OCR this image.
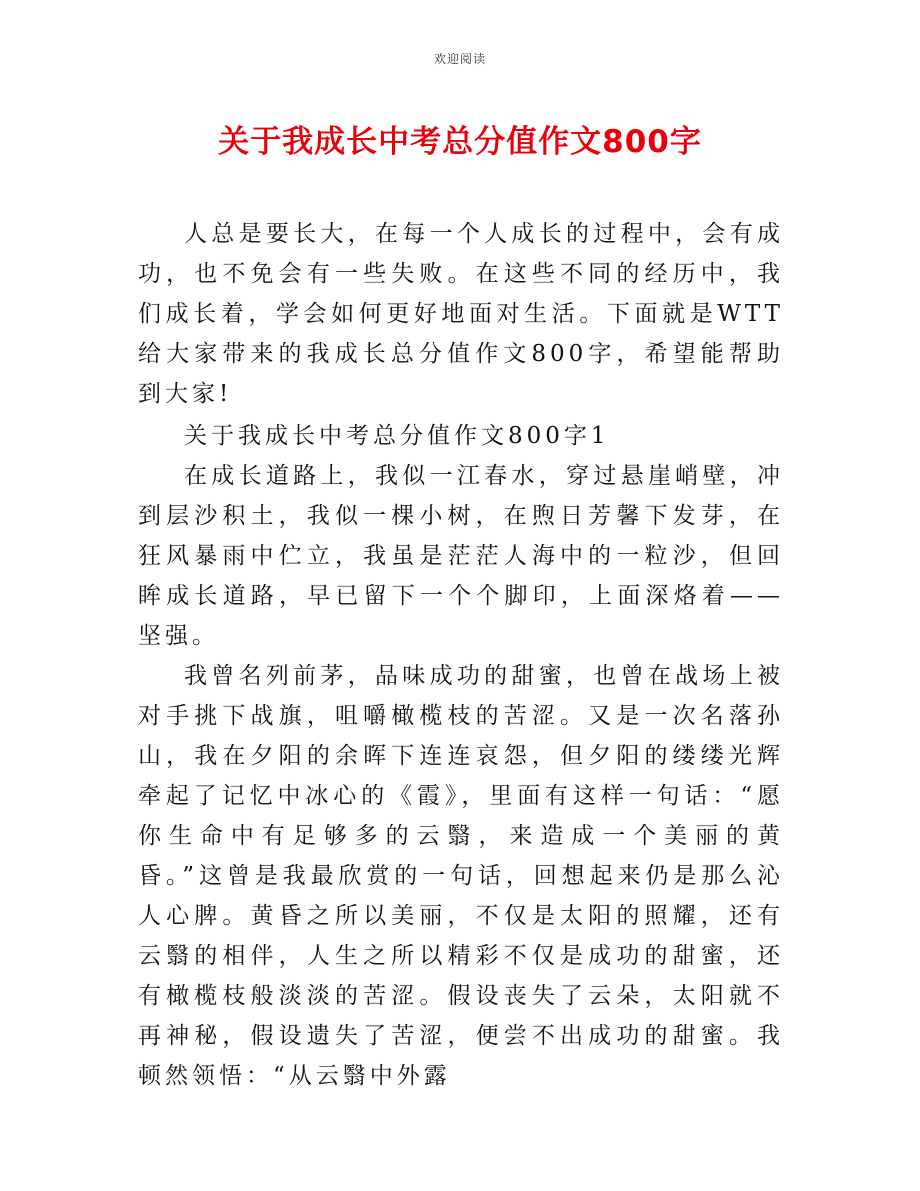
欢迎阅读
关于我成长中考总分值作文800字

人总是要长大，在每一个人成长的过程中，会有成功，也不免会有一些失败。在这些不同的经历中，我们成长着，学会如何更好地面对生活。下面就是WTT给大家带来的我成长总分值作文800字，希望能帮助到大家!

关于我成长中考总分值作文800字1

在成长道路上，我似一江春水，穿过悬崖峭壁，冲到层沙积土，我似一棵小树，在煦日芳馨下发芽，在狂风暴雨中伫立，我虽是茫茫人海中的一粒沙，但回眸成长道路，早已留下一个个脚印，上面深烙着——坚强。

我曾名列前茅，品味成功的甜蜜，也曾在战场上被对手挑下战旗，咀嚼橄榄枝的苦涩。又是一次名落孙山，我在夕阳的余晖下连连哀怨，但夕阳的缕缕光辉牵起了记忆中冰心的《霞》，里面有这样一句话：“愿你生命中有足够多的云翳，来造成一个美丽的黄昏。”这曾是我最欣赏的一句话，回想起来仍是那么沁人心脾。黄昏之所以美丽，不仅是太阳的照耀，还有云翳的相伴，人生之所以精彩不仅是成功的甜蜜，还有橄榄枝般淡淡的苦涩。假设丧失了云朵，太阳就不再神秘，假设遗失了苦涩，便尝不出成功的甜蜜。我顿然领悟：“从云翳中外露
